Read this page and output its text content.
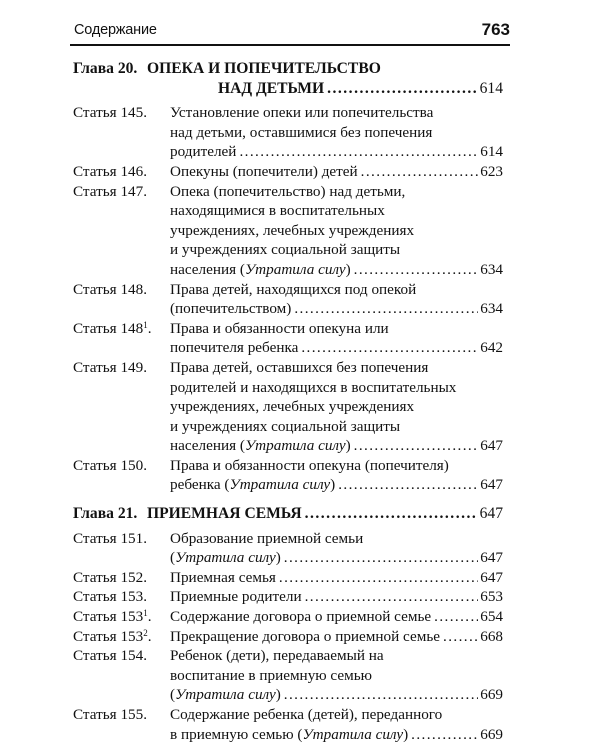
Содержание	763
Глава 20. ОПЕКА И ПОПЕЧИТЕЛЬСТВО
НАД ДЕТЬМИ . . .	614
Статья 145. Установление опеки или попечительства
над детьми, оставшимися без попечения
родителей . . .	614
Статья 146. Опекуны (попечители) детей . . .	623
Статья 147. Опека (попечительство) над детьми,
находящимися в воспитательных
учреждениях, лечебных учреждениях
и учреждениях социальной защиты
населения (Утратила силу) . . .	634
Статья 148. Права детей, находящихся под опекой
(попечительством) . . .	634
Статья $148^1$. Права и обязанности опекуна или
попечителя ребенка . . .	642
Статья 149. Права детей, оставшихся без попечения
родителей и находящихся в воспитательных
учреждениях, лечебных учреждениях
и учреждениях социальной защиты
населения (Утратила силу) . . .	647
Статья 150. Права и обязанности опекуна (попечителя)
ребенка (Утратила силу) . . .	647
Глава 21. ПРИЕМНАЯ СЕМЬЯ . . .	647
Статья 151. Образование приемной семьи
(Утратила силу) . . .	647
Статья 152. Приемная семья . . .	647
Статья 153. Приемные родители . . .	653
Статья $153^1$. Содержание договора о приемной семье . . .	654
Статья $153^2$. Прекращение договора о приемной семье . . .	668
Статья 154. Ребенок (дети), передаваемый на
воспитание в приемную семью
(Утратила силу) . . .	669
Статья 155. Содержание ребенка (детей), переданного
в приемную семью (Утратила силу) . . .	669
